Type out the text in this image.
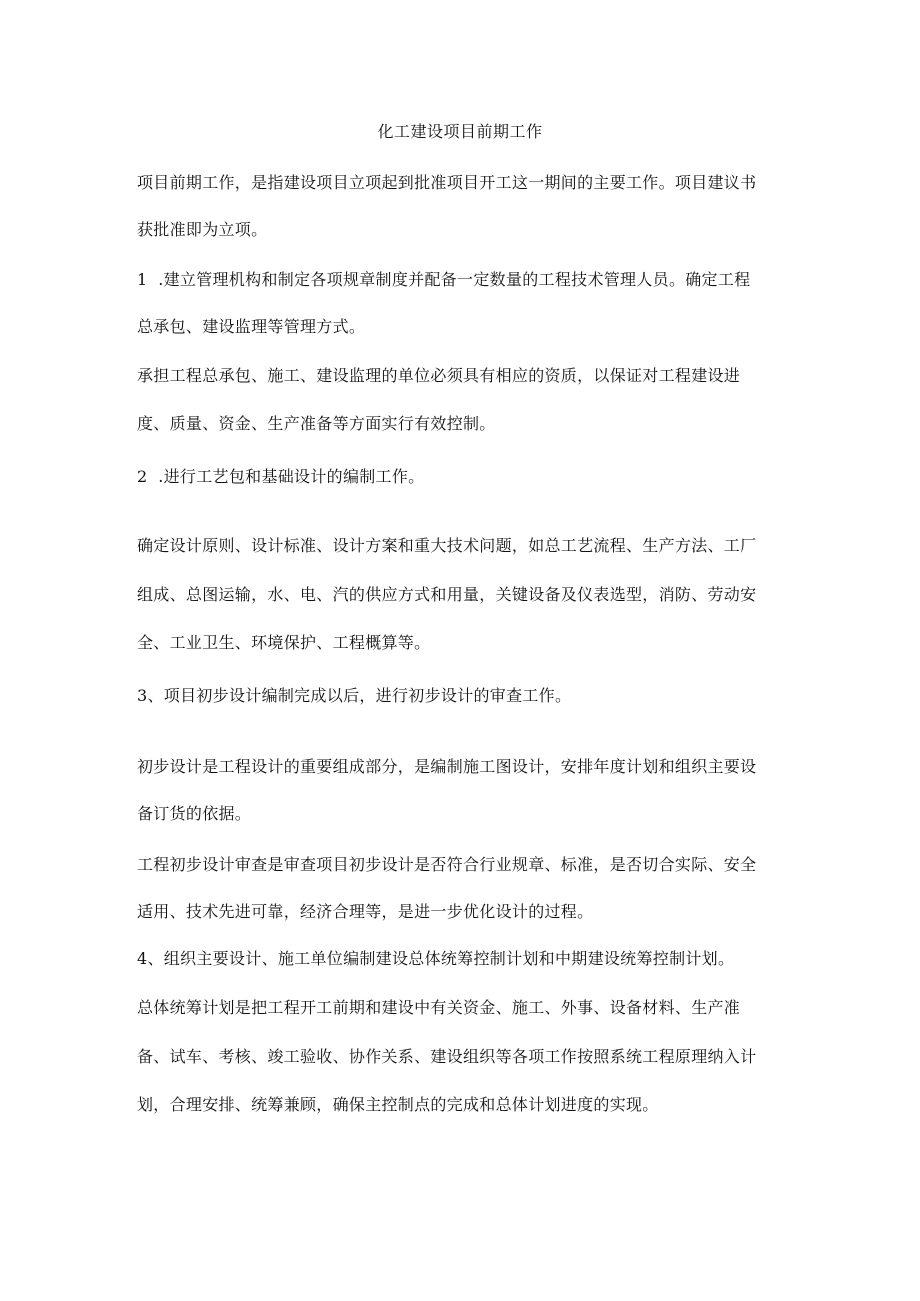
化工建设项目前期工作
项目前期工作，是指建设项目立项起到批准项目开工这一期间的主要工作。项目建议书
获批准即为立项。
1  .建立管理机构和制定各项规章制度并配备一定数量的工程技术管理人员。确定工程
总承包、建设监理等管理方式。
承担工程总承包、施工、建设监理的单位必须具有相应的资质，以保证对工程建设进
度、质量、资金、生产准备等方面实行有效控制。
2  .进行工艺包和基础设计的编制工作。
确定设计原则、设计标准、设计方案和重大技术问题，如总工艺流程、生产方法、工厂
组成、总图运输，水、电、汽的供应方式和用量，关键设备及仪表选型，消防、劳动安
全、工业卫生、环境保护、工程概算等。
3、项目初步设计编制完成以后，进行初步设计的审查工作。
初步设计是工程设计的重要组成部分，是编制施工图设计，安排年度计划和组织主要设
备订货的依据。
工程初步设计审查是审查项目初步设计是否符合行业规章、标准，是否切合实际、安全
适用、技术先进可靠，经济合理等，是进一步优化设计的过程。
4、组织主要设计、施工单位编制建设总体统筹控制计划和中期建设统筹控制计划。
总体统筹计划是把工程开工前期和建设中有关资金、施工、外事、设备材料、生产准
备、试车、考核、竣工验收、协作关系、建设组织等各项工作按照系统工程原理纳入计
划，合理安排、统筹兼顾，确保主控制点的完成和总体计划进度的实现。
